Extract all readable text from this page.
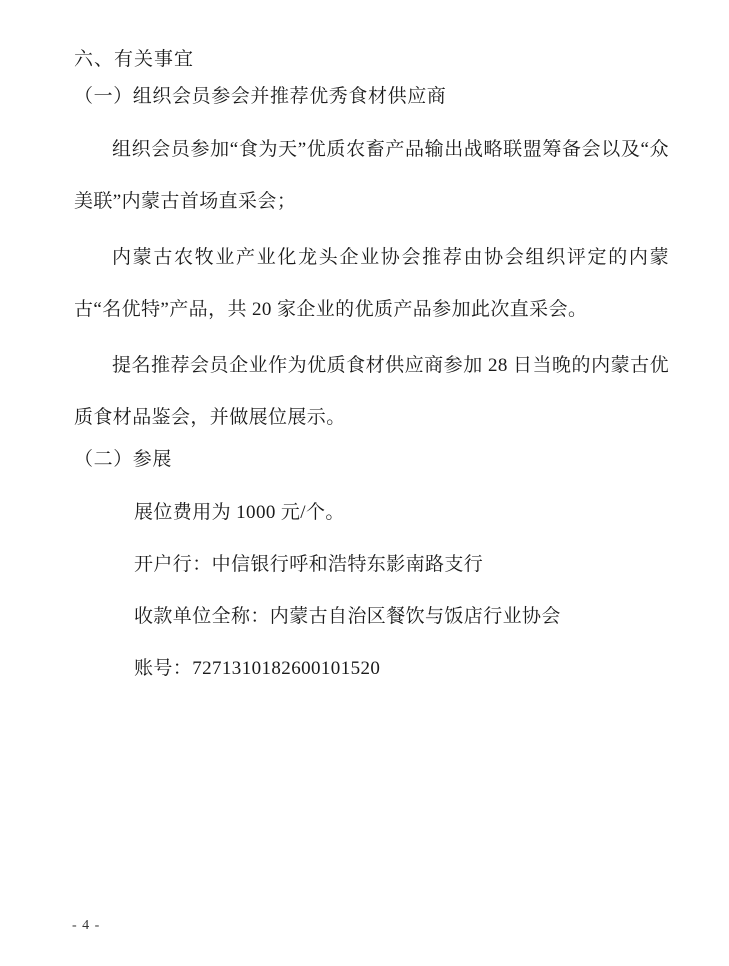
六、有关事宜

（一）组织会员参会并推荐优秀食材供应商

组织会员参加“食为天”优质农畜产品输出战略联盟筹备会以及“众美联”内蒙古首场直采会；

内蒙古农牧业产业化龙头企业协会推荐由协会组织评定的内蒙古“名优特”产品，共 20 家企业的优质产品参加此次直采会。

提名推荐会员企业作为优质食材供应商参加 28 日当晚的内蒙古优质食材品鉴会，并做展位展示。

（二）参展

展位费用为 1000 元/个。

开户行：中信银行呼和浩特东影南路支行

收款单位全称：内蒙古自治区餐饮与饭店行业协会

账号：7271310182600101520

- 4 -
